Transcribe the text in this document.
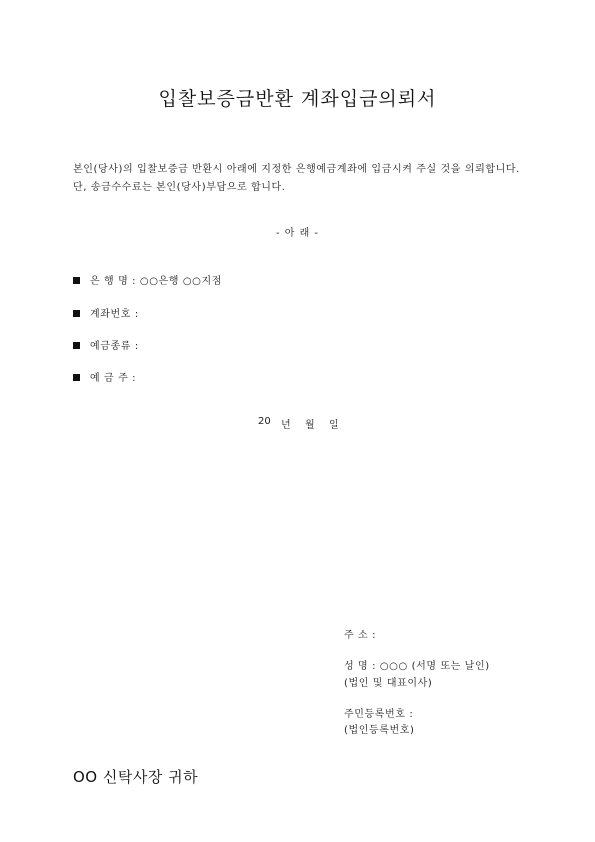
입찰보증금반환 계좌입금의뢰서
본인(당사)의 입찰보증금 반환시 아래에 지정한 은행예금계좌에 입금시켜 주실 것을 의뢰합니다.
단, 송금수수료는 본인(당사)부담으로 합니다.
- 아 래 -
은 행 명 : ○○은행 ○○지점
계좌번호 :
예금종류 :
예 금 주 :
20 년 월 일
주 소 :
성 명 : ○○○ (서명 또는 날인)
(법인 및 대표이사)
주민등록번호 :
(법인등록번호)
OO 신탁사장 귀하
